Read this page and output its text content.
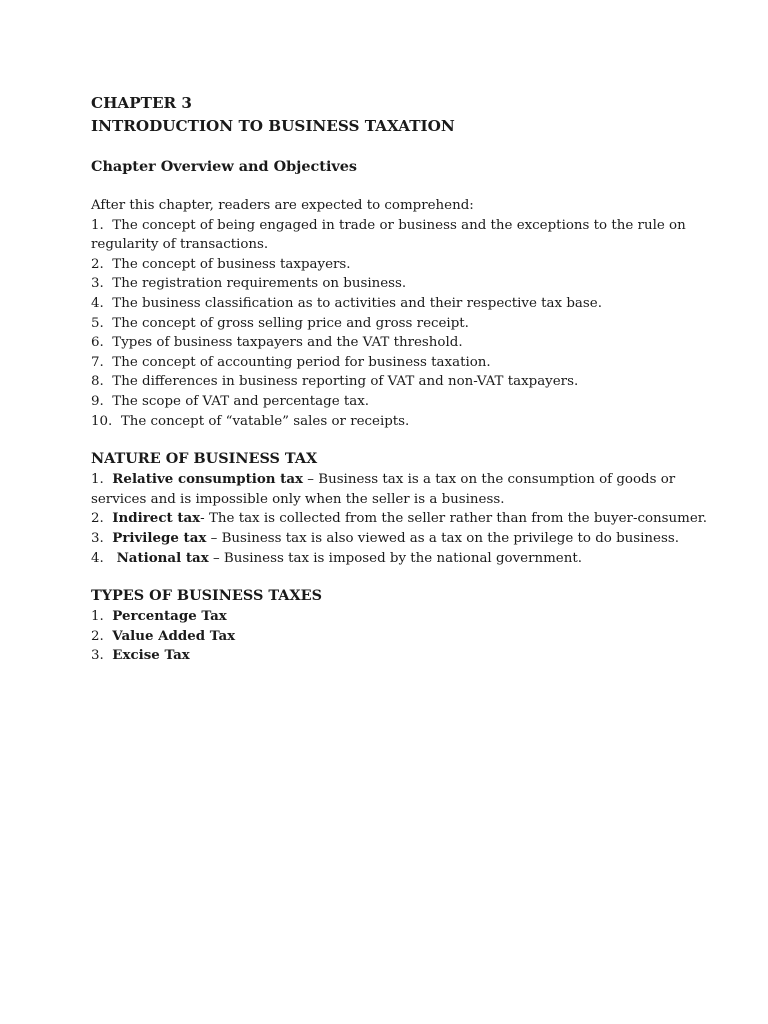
CHAPTER 3
INTRODUCTION TO BUSINESS TAXATION
Chapter Overview and Objectives
After this chapter, readers are expected to comprehend:
1. The concept of being engaged in trade or business and the exceptions to the rule on regularity of transactions.
2. The concept of business taxpayers.
3. The registration requirements on business.
4. The business classification as to activities and their respective tax base.
5. The concept of gross selling price and gross receipt.
6. Types of business taxpayers and the VAT threshold.
7. The concept of accounting period for business taxation.
8. The differences in business reporting of VAT and non-VAT taxpayers.
9. The scope of VAT and percentage tax.
10. The concept of “vatable” sales or receipts.
NATURE OF BUSINESS TAX
1. Relative consumption tax – Business tax is a tax on the consumption of goods or services and is impossible only when the seller is a business.
2. Indirect tax- The tax is collected from the seller rather than from the buyer-consumer.
3. Privilege tax – Business tax is also viewed as a tax on the privilege to do business.
4. National tax – Business tax is imposed by the national government.
TYPES OF BUSINESS TAXES
1. Percentage Tax
2. Value Added Tax
3. Excise Tax
